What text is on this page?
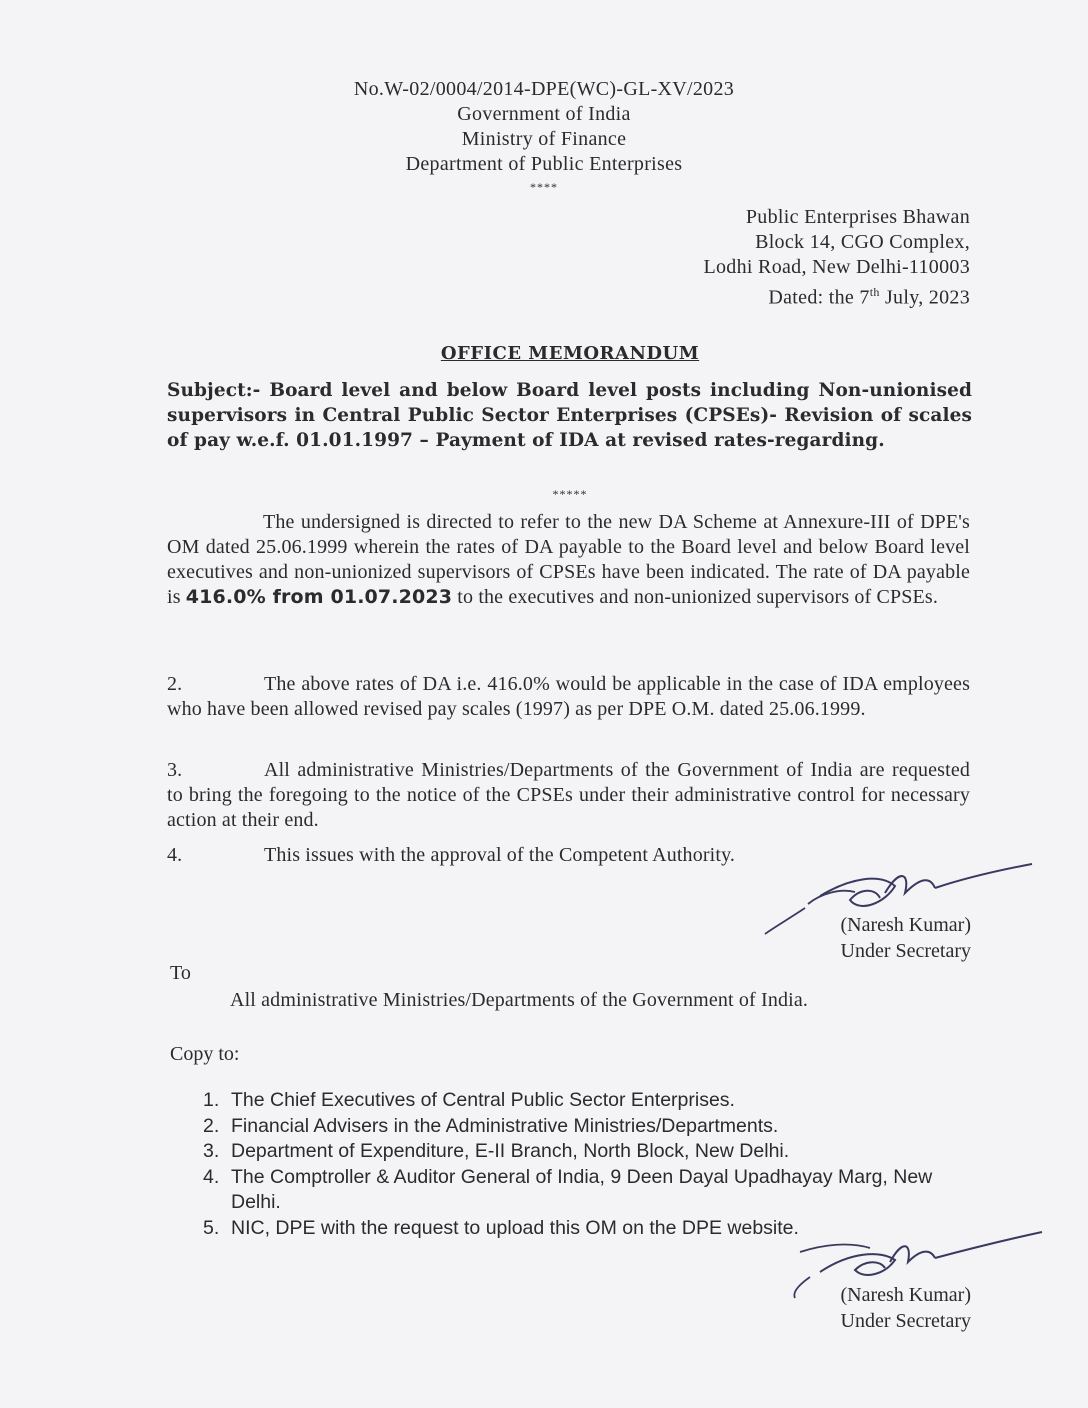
No.W-02/0004/2014-DPE(WC)-GL-XV/2023
Government of India
Ministry of Finance
Department of Public Enterprises
****
Public Enterprises Bhawan
Block 14, CGO Complex,
Lodhi Road, New Delhi-110003
Dated: the 7th July, 2023
OFFICE MEMORANDUM
Subject:- Board level and below Board level posts including Non-unionised supervisors in Central Public Sector Enterprises (CPSEs)- Revision of scales of pay w.e.f. 01.01.1997 – Payment of IDA at revised rates-regarding.
*****
The undersigned is directed to refer to the new DA Scheme at Annexure-III of DPE's OM dated 25.06.1999 wherein the rates of DA payable to the Board level and below Board level executives and non-unionized supervisors of CPSEs have been indicated. The rate of DA payable is 416.0% from 01.07.2023 to the executives and non-unionized supervisors of CPSEs.
2.	The above rates of DA i.e. 416.0% would be applicable in the case of IDA employees who have been allowed revised pay scales (1997) as per DPE O.M. dated 25.06.1999.
3.	All administrative Ministries/Departments of the Government of India are requested to bring the foregoing to the notice of the CPSEs under their administrative control for necessary action at their end.
4.	This issues with the approval of the Competent Authority.
(Naresh Kumar)
Under Secretary
To
All administrative Ministries/Departments of the Government of India.
Copy to:
1. The Chief Executives of Central Public Sector Enterprises.
2. Financial Advisers in the Administrative Ministries/Departments.
3. Department of Expenditure, E-II Branch, North Block, New Delhi.
4. The Comptroller & Auditor General of India, 9 Deen Dayal Upadhayay Marg, New Delhi.
5. NIC, DPE with the request to upload this OM on the DPE website.
(Naresh Kumar)
Under Secretary
